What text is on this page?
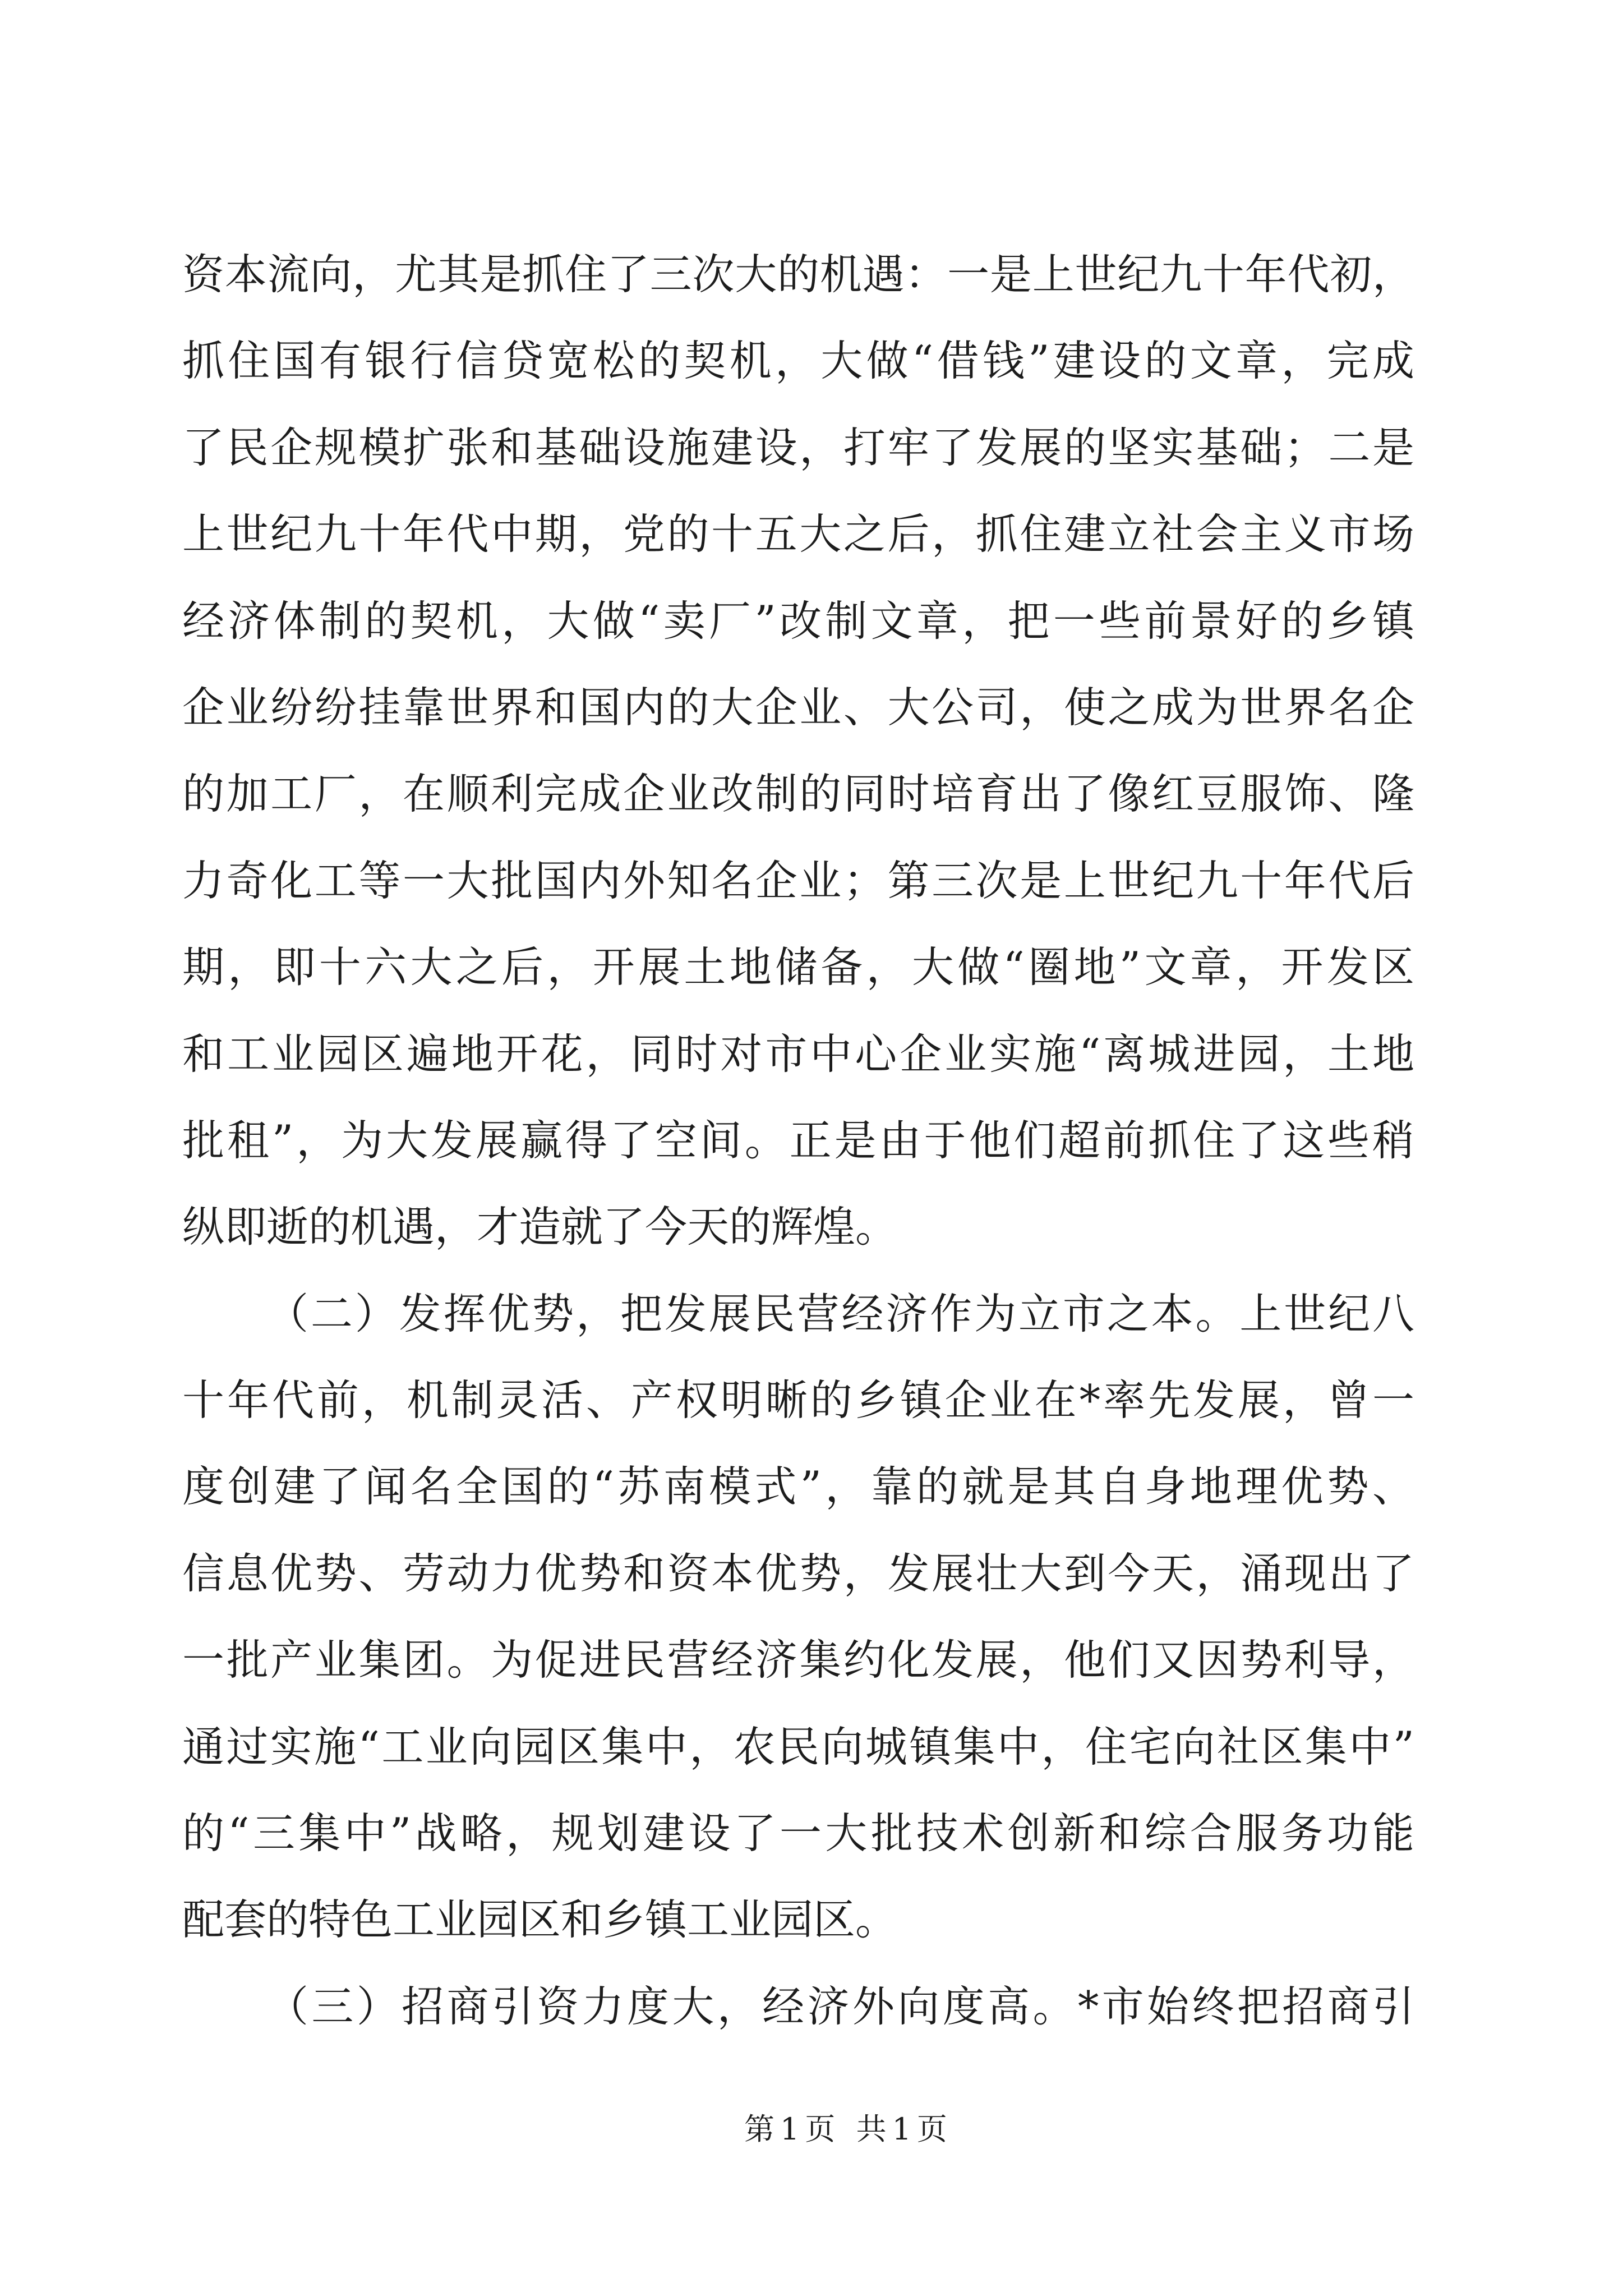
资本流向，尤其是抓住了三次大的机遇：一是上世纪九十年代初，
抓住国有银行信贷宽松的契机，大做“借钱”建设的文章，完成
了民企规模扩张和基础设施建设，打牢了发展的坚实基础；二是
上世纪九十年代中期，党的十五大之后，抓住建立社会主义市场
经济体制的契机，大做“卖厂”改制文章，把一些前景好的乡镇
企业纷纷挂靠世界和国内的大企业、大公司，使之成为世界名企
的加工厂，在顺利完成企业改制的同时培育出了像红豆服饰、隆
力奇化工等一大批国内外知名企业；第三次是上世纪九十年代后
期，即十六大之后，开展土地储备，大做“圈地”文章，开发区
和工业园区遍地开花，同时对市中心企业实施“离城进园，土地
批租”，为大发展赢得了空间。正是由于他们超前抓住了这些稍
纵即逝的机遇，才造就了今天的辉煌。
（二）发挥优势，把发展民营经济作为立市之本。上世纪八
十年代前，机制灵活、产权明晰的乡镇企业在*率先发展，曾一
度创建了闻名全国的“苏南模式”，靠的就是其自身地理优势、
信息优势、劳动力优势和资本优势，发展壮大到今天，涌现出了
一批产业集团。为促进民营经济集约化发展，他们又因势利导，
通过实施“工业向园区集中，农民向城镇集中，住宅向社区集中”
的“三集中”战略，规划建设了一大批技术创新和综合服务功能
配套的特色工业园区和乡镇工业园区。
（三）招商引资力度大，经济外向度高。*市始终把招商引
第1页 共1页
